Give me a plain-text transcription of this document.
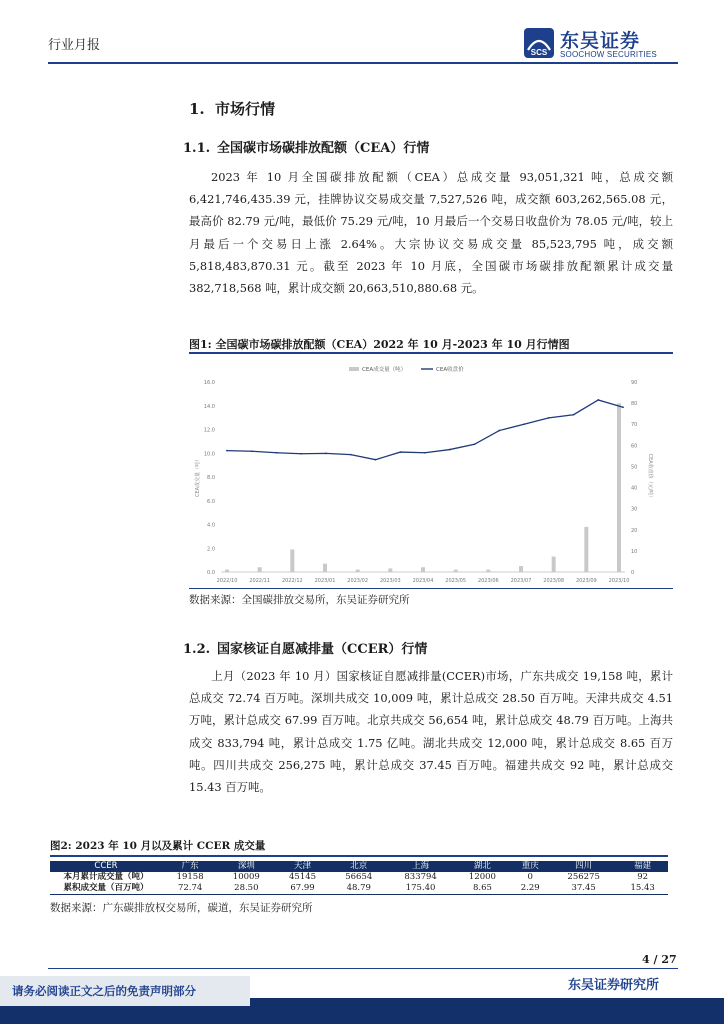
行业月报	SCS
东吴证券
SOOCHOW SECURITIES
1. 市场行情
1.1. 全国碳市场碳排放配额（CEA）行情
2023 年 10 月全国碳排放配额（CEA）总成交量 93,051,321 吨，总成交额 6,421,746,435.39 元，挂牌协议交易成交量 7,527,526 吨，成交额 603,262,565.08 元，最高价 82.79 元/吨，最低价 75.29 元/吨，10 月最后一个交易日收盘价为 78.05 元/吨，较上月最后一个交易日上涨 2.64%。大宗协议交易成交量 85,523,795 吨，成交额 5,818,483,870.31 元。截至 2023 年 10 月底，全国碳市场碳排放配额累计成交量 382,718,568 吨，累计成交额 20,663,510,880.68 元。
图1: 全国碳市场碳排放配额（CEA）2022 年 10 月-2023 年 10 月行情图
CEA成交量（吨）	CEA收盘价
0.0
2.0
4.0
6.0
8.0
10.0
12.0
14.0
16.0
0
10
20
30
40
50
60
70
80
90
2022/10 2022/11 2022/12 2023/01 2023/02 2023/03 2023/04 2023/05 2023/06 2023/07 2023/08 2023/09 2023/10
CEA成交量（吨）	CEA收盘价（元/吨）
数据来源：全国碳排放交易所，东吴证券研究所
1.2. 国家核证自愿减排量（CCER）行情
上月（2023 年 10 月）国家核证自愿减排量(CCER)市场，广东共成交 19,158 吨，累计总成交 72.74 百万吨。深圳共成交 10,009 吨，累计总成交 28.50 百万吨。天津共成交 4.51 万吨，累计总成交 67.99 百万吨。北京共成交 56,654 吨，累计总成交 48.79 百万吨。上海共成交 833,794 吨，累计总成交 1.75 亿吨。湖北共成交 12,000 吨，累计总成交 8.65 百万吨。四川共成交 256,275 吨，累计总成交 37.45 百万吨。福建共成交 92 吨，累计总成交 15.43 百万吨。
图2: 2023 年 10 月以及累计 CCER 成交量
CCER	广东	深圳	天津	北京	上海	湖北	重庆	四川	福建
本月累计成交量（吨）	19158	10009	45145	56654	833794	12000	0	256275	92
累积成交量（百万吨）	72.74	28.50	67.99	48.79	175.40	8.65	2.29	37.45	15.43
数据来源：广东碳排放权交易所，碳道，东吴证券研究所
4 / 27
东吴证券研究所
请务必阅读正文之后的免责声明部分
